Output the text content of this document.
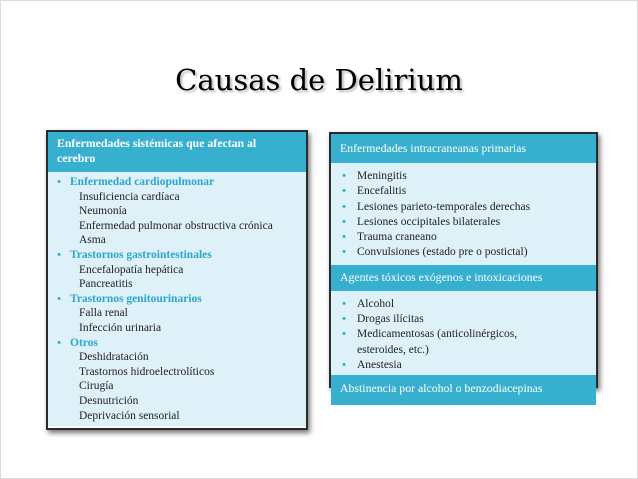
Causas de Delirium
Enfermedades sistémicas que afectan al cerebro
• Enfermedad cardiopulmonar
Insuficiencia cardíaca
Neumonía
Enfermedad pulmonar obstructiva crónica
Asma
• Trastornos gastrointestinales
Encefalopatía hepática
Pancreatitis
• Trastornos genitourinarios
Falla renal
Infección urinaria
• Otros
Deshidratación
Trastornos hidroelectrolíticos
Cirugía
Desnutrición
Deprivación sensorial
Enfermedades intracraneanas primarias
• Meningitis
• Encefalitis
• Lesiones parieto-temporales derechas
• Lesiones occipitales bilaterales
• Trauma craneano
• Convulsiones (estado pre o postictal)
Agentes tóxicos exógenos e intoxicaciones
• Alcohol
• Drogas ilícitas
• Medicamentosas (anticolinérgicos, esteroides, etc.)
• Anestesia
Abstinencia por alcohol o benzodiacepinas
